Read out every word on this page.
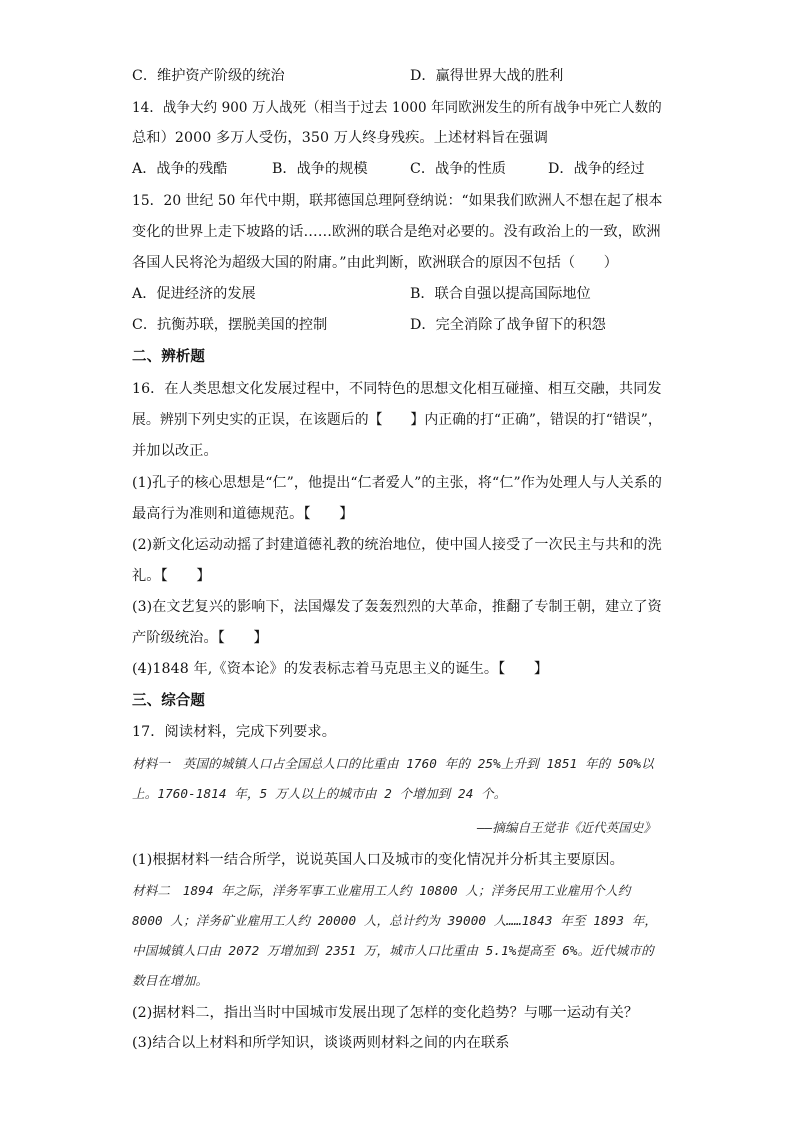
C．维护资产阶级的统治	D．赢得世界大战的胜利
14．战争大约 900 万人战死（相当于过去 1000 年同欧洲发生的所有战争中死亡人数的
总和）2000 多万人受伤，350 万人终身残疾。上述材料旨在强调
A．战争的残酷	B．战争的规模	C．战争的性质	D．战争的经过
15．20 世纪 50 年代中期，联邦德国总理阿登纳说：“如果我们欧洲人不想在起了根本
变化的世界上走下坡路的话……欧洲的联合是绝对必要的。没有政治上的一致，欧洲
各国人民将沦为超级大国的附庸。”由此判断，欧洲联合的原因不包括（　　）
A．促进经济的发展	B．联合自强以提高国际地位
C．抗衡苏联，摆脱美国的控制	D．完全消除了战争留下的积怨
二、辨析题
16．在人类思想文化发展过程中，不同特色的思想文化相互碰撞、相互交融，共同发
展。辨别下列史实的正误，在该题后的【　　】内正确的打“正确”，错误的打“错误”，
并加以改正。
(1)孔子的核心思想是“仁”，他提出“仁者爱人”的主张，将“仁”作为处理人与人关系的
最高行为准则和道德规范。【　　】
(2)新文化运动动摇了封建道德礼教的统治地位，使中国人接受了一次民主与共和的洗
礼。【　　】
(3)在文艺复兴的影响下，法国爆发了轰轰烈烈的大革命，推翻了专制王朝，建立了资
产阶级统治。【　　】
(4)1848 年,《资本论》的发表标志着马克思主义的诞生。【　　】
三、综合题
17．阅读材料，完成下列要求。
材料一　英国的城镇人口占全国总人口的比重由 1760 年的 25%上升到 1851 年的 50%以
上。1760-1814 年，5 万人以上的城市由 2 个增加到 24 个。
——摘编自王觉非《近代英国史》
(1)根据材料一结合所学，说说英国人口及城市的变化情况并分析其主要原因。
材料二　1894 年之际，洋务军事工业雇用工人约 10800 人；洋务民用工业雇用个人约
8000 人；洋务矿业雇用工人约 20000 人，总计约为 39000 人……1843 年至 1893 年，
中国城镇人口由 2072 万增加到 2351 万，城市人口比重由 5.1%提高至 6%。近代城市的
数目在增加。
(2)据材料二，指出当时中国城市发展出现了怎样的变化趋势？与哪一运动有关？
(3)结合以上材料和所学知识，谈谈两则材料之间的内在联系
